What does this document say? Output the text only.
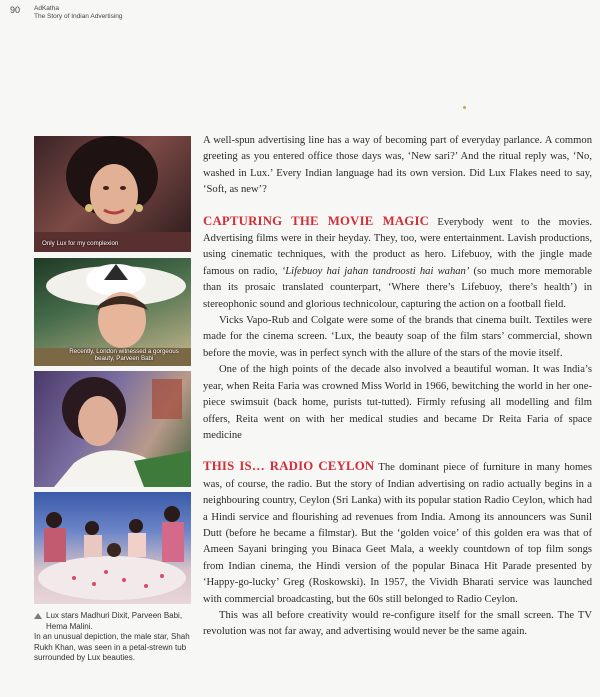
90 AdKatha
The Story of Indian Advertising
Only Lux for my complexion
Recently, London witnessed a gorgeous beauty, Parveen Babi

Lux stars Madhuri Dixit, Parveen Babi, Hema Malini.

In an unusual depiction, the male star, Shah Rukh Khan, was seen in a petal-strewn tub surrounded by Lux beauties.

A well-spun advertising line has a way of becoming part of everyday parlance. A common greeting as you entered office those days was, ‘New sari?’ And the ritual reply was, ‘No, washed in Lux.’ Every Indian language had its own version. Did Lux Flakes need to say, ‘Soft, as new’?

CAPTURING THE MOVIE MAGIC Everybody went to the movies. Advertising films were in their heyday. They, too, were entertainment. Lavish productions, using cinematic techniques, with the product as hero. Lifebuoy, with the jingle made famous on radio, ‘Lifebuoy hai jahan tandroosti hai wahan’ (so much more memorable than its prosaic translated counterpart, ‘Where there’s Lifebuoy, there’s health’) in stereophonic sound and glorious technicolour, capturing the action on a football field.

Vicks Vapo-Rub and Colgate were some of the brands that cinema built. Textiles were made for the cinema screen. ‘Lux, the beauty soap of the film stars’ commercial, shown before the movie, was in perfect synch with the allure of the stars of the movie itself.

One of the high points of the decade also involved a beautiful woman. It was India’s year, when Reita Faria was crowned Miss World in 1966, bewitching the world in her one-piece swimsuit (back home, purists tut-tutted). Firmly refusing all modelling and film offers, Reita went on with her medical studies and became Dr Reita Faria of space medicine

THIS IS… RADIO CEYLON The dominant piece of furniture in many homes was, of course, the radio. But the story of Indian advertising on radio actually begins in a neighbouring country, Ceylon (Sri Lanka) with its popular station Radio Ceylon, which had a Hindi service and flourishing ad revenues from India. Among its announcers was Sunil Dutt (before he became a filmstar). But the ‘golden voice’ of this golden era was that of Ameen Sayani bringing you Binaca Geet Mala, a weekly countdown of top film songs from Indian cinema, the Hindi version of the popular Binaca Hit Parade presented by ‘Happy-go-lucky’ Greg (Roskowski). In 1957, the Vividh Bharati service was launched with commercial broadcasting, but the 60s still belonged to Radio Ceylon.

This was all before creativity would re-configure itself for the small screen. The TV revolution was not far away, and advertising would never be the same again.
